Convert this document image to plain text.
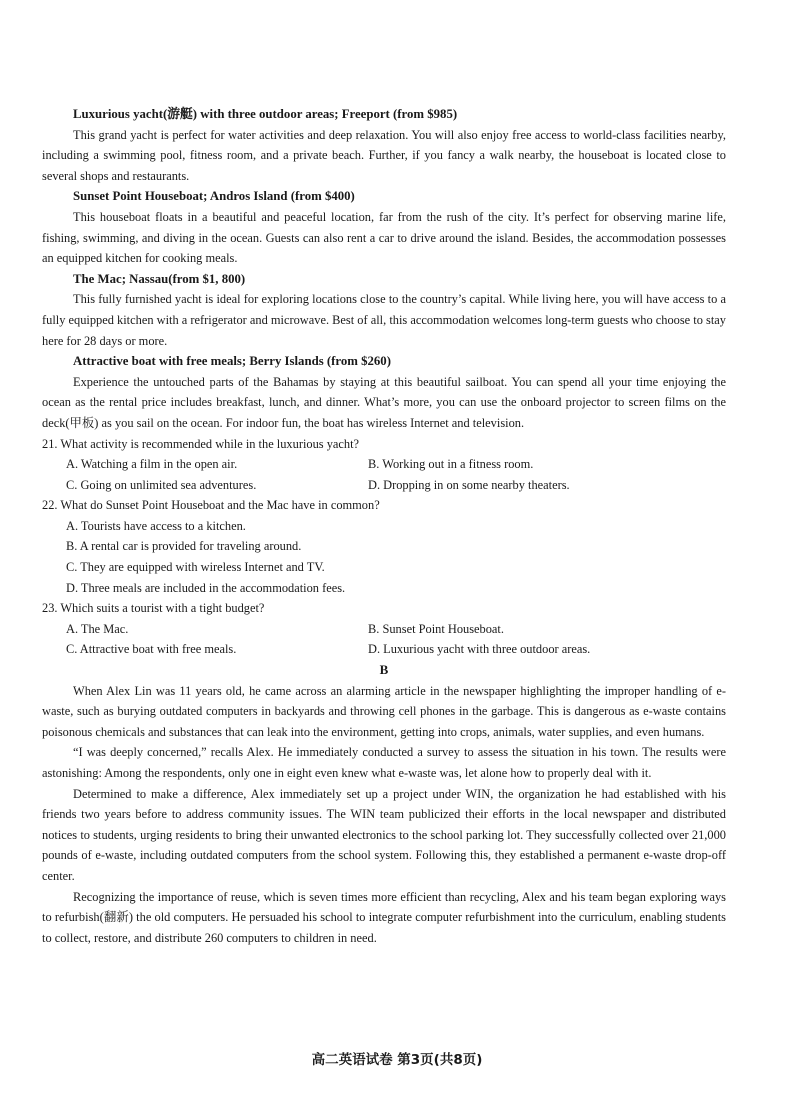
Luxurious yacht(游艇) with three outdoor areas; Freeport (from $985)
This grand yacht is perfect for water activities and deep relaxation. You will also enjoy free access to world-class facilities nearby, including a swimming pool, fitness room, and a private beach. Further, if you fancy a walk nearby, the houseboat is located close to several shops and restaurants.
Sunset Point Houseboat; Andros Island (from $400)
This houseboat floats in a beautiful and peaceful location, far from the rush of the city. It’s perfect for observing marine life, fishing, swimming, and diving in the ocean. Guests can also rent a car to drive around the island. Besides, the accommodation possesses an equipped kitchen for cooking meals.
The Mac; Nassau(from $1, 800)
This fully furnished yacht is ideal for exploring locations close to the country’s capital. While living here, you will have access to a fully equipped kitchen with a refrigerator and microwave. Best of all, this accommodation welcomes long-term guests who choose to stay here for 28 days or more.
Attractive boat with free meals; Berry Islands (from $260)
Experience the untouched parts of the Bahamas by staying at this beautiful sailboat. You can spend all your time enjoying the ocean as the rental price includes breakfast, lunch, and dinner. What’s more, you can use the onboard projector to screen films on the deck(甲板) as you sail on the ocean. For indoor fun, the boat has wireless Internet and television.
21. What activity is recommended while in the luxurious yacht?
A. Watching a film in the open air.	B. Working out in a fitness room.
C. Going on unlimited sea adventures.	D. Dropping in on some nearby theaters.
22. What do Sunset Point Houseboat and the Mac have in common?
A. Tourists have access to a kitchen.
B. A rental car is provided for traveling around.
C. They are equipped with wireless Internet and TV.
D. Three meals are included in the accommodation fees.
23. Which suits a tourist with a tight budget?
A. The Mac.	B. Sunset Point Houseboat.
C. Attractive boat with free meals.	D. Luxurious yacht with three outdoor areas.
B
When Alex Lin was 11 years old, he came across an alarming article in the newspaper highlighting the improper handling of e-waste, such as burying outdated computers in backyards and throwing cell phones in the garbage. This is dangerous as e-waste contains poisonous chemicals and substances that can leak into the environment, getting into crops, animals, water supplies, and even humans.
“I was deeply concerned,” recalls Alex. He immediately conducted a survey to assess the situation in his town. The results were astonishing: Among the respondents, only one in eight even knew what e-waste was, let alone how to properly deal with it.
Determined to make a difference, Alex immediately set up a project under WIN, the organization he had established with his friends two years before to address community issues. The WIN team publicized their efforts in the local newspaper and distributed notices to students, urging residents to bring their unwanted electronics to the school parking lot. They successfully collected over 21,000 pounds of e-waste, including outdated computers from the school system. Following this, they established a permanent e-waste drop-off center.
Recognizing the importance of reuse, which is seven times more efficient than recycling, Alex and his team began exploring ways to refurbish(翻新) the old computers. He persuaded his school to integrate computer refurbishment into the curriculum, enabling students to collect, restore, and distribute 260 computers to children in need.
高二英语试卷 第3页(共8页)
